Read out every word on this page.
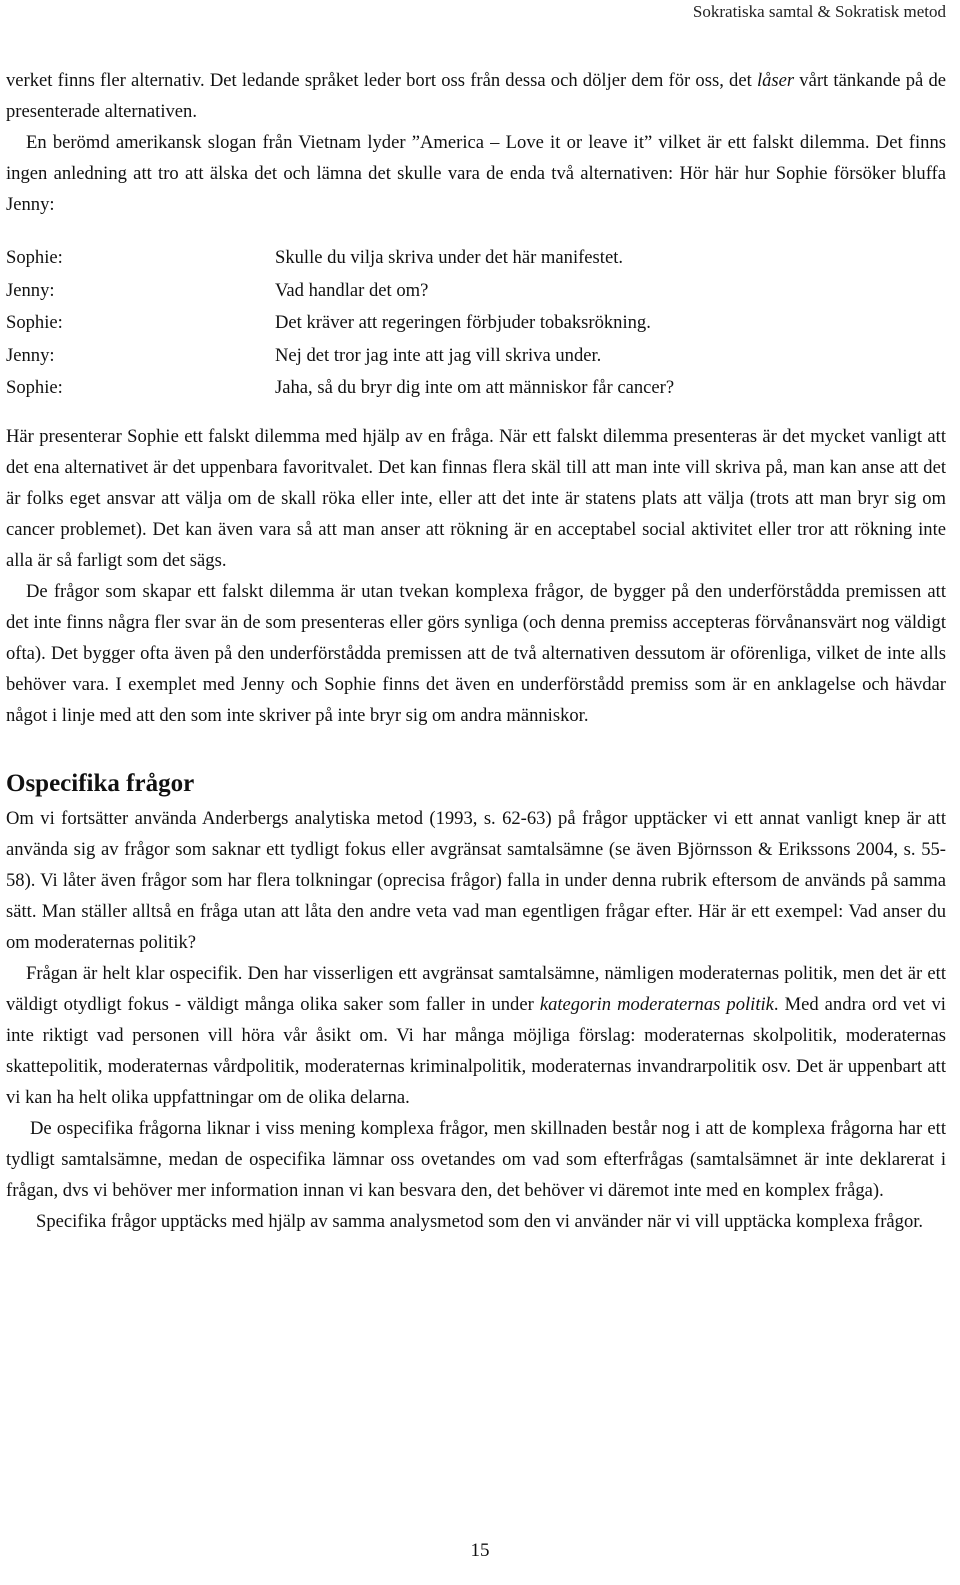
Sokratiska samtal & Sokratisk metod

verket finns fler alternativ. Det ledande språket leder bort oss från dessa och döljer dem för oss, det låser vårt tänkande på de presenterade alternativen.

En berömd amerikansk slogan från Vietnam lyder ”America – Love it or leave it” vilket är ett falskt dilemma. Det finns ingen anledning att tro att älska det och lämna det skulle vara de enda två alternativen: Hör här hur Sophie försöker bluffa Jenny:

Sophie:	Skulle du vilja skriva under det här manifestet.
Jenny:	Vad handlar det om?
Sophie:	Det kräver att regeringen förbjuder tobaksrökning.
Jenny:	Nej det tror jag inte att jag vill skriva under.
Sophie:	Jaha, så du bryr dig inte om att människor får cancer?

Här presenterar Sophie ett falskt dilemma med hjälp av en fråga. När ett falskt dilemma presenteras är det mycket vanligt att det ena alternativet är det uppenbara favoritvalet. Det kan finnas flera skäl till att man inte vill skriva på, man kan anse att det är folks eget ansvar att välja om de skall röka eller inte, eller att det inte är statens plats att välja (trots att man bryr sig om cancer problemet). Det kan även vara så att man anser att rökning är en acceptabel social aktivitet eller tror att rökning inte alla är så farligt som det sägs.

De frågor som skapar ett falskt dilemma är utan tvekan komplexa frågor, de bygger på den underförstådda premissen att det inte finns några fler svar än de som presenteras eller görs synliga (och denna premiss accepteras förvånansvärt nog väldigt ofta). Det bygger ofta även på den underförstådda premissen att de två alternativen dessutom är oförenliga, vilket de inte alls behöver vara. I exemplet med Jenny och Sophie finns det även en underförstådd premiss som är en anklagelse och hävdar något i linje med att den som inte skriver på inte bryr sig om andra människor.

Ospecifika frågor

Om vi fortsätter använda Anderbergs analytiska metod (1993, s. 62-63) på frågor upptäcker vi ett annat vanligt knep är att använda sig av frågor som saknar ett tydligt fokus eller avgränsat samtalsämne (se även Björnsson & Erikssons 2004, s. 55-58). Vi låter även frågor som har flera tolkningar (oprecisa frågor) falla in under denna rubrik eftersom de används på samma sätt. Man ställer alltså en fråga utan att låta den andre veta vad man egentligen frågar efter. Här är ett exempel: Vad anser du om moderaternas politik?

Frågan är helt klar ospecifik. Den har visserligen ett avgränsat samtalsämne, nämligen moderaternas politik, men det är ett väldigt otydligt fokus - väldigt många olika saker som faller in under kategorin moderaternas politik. Med andra ord vet vi inte riktigt vad personen vill höra vår åsikt om. Vi har många möjliga förslag: moderaternas skolpolitik, moderaternas skattepolitik, moderaternas vårdpolitik, moderaternas kriminalpolitik, moderaternas invandrarpolitik osv. Det är uppenbart att vi kan ha helt olika uppfattningar om de olika delarna.

De ospecifika frågorna liknar i viss mening komplexa frågor, men skillnaden består nog i att de komplexa frågorna har ett tydligt samtalsämne, medan de ospecifika lämnar oss ovetandes om vad som efterfrågas (samtalsämnet är inte deklarerat i frågan, dvs vi behöver mer information innan vi kan besvara den, det behöver vi däremot inte med en komplex fråga).

Specifika frågor upptäcks med hjälp av samma analysmetod som den vi använder när vi vill upptäcka komplexa frågor.

15
